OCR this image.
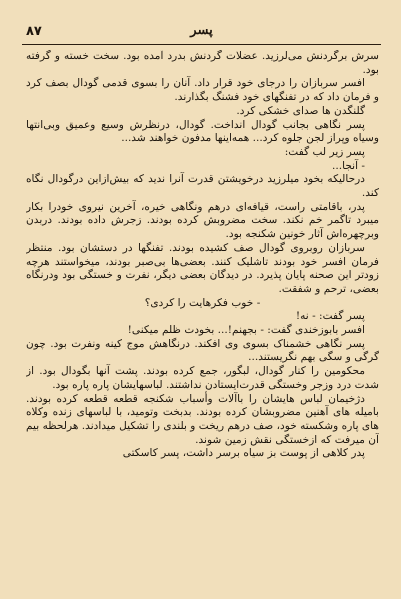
۸۷	پسر

سرش برگردنش می‌لرزید. عضلات گردنش بدرد آمده بود. سخت خسته و گرفته بود.

افسر سربازان را درجای خود قرار داد. آنان را بسوی قدمی گودال بصف کرد و فرمان داد که در تفنگهای خود فشنگ بگذارند.

گلنگدن ها صدای خشکی کرد.

پسر نگاهی بجانب گودال انداخت. گودال، درنظرش وسیع وعمیق وبی‌انتها وسیاه وپراز لجن جلوه کرد... همه‌اینها مدفون خواهند شد...

پسر زیر لب گفت:

- آنجا...

درحالیکه بخود میلرزید درخویشتن قدرت آنرا ندید که بیش‌ازاین درگودال نگاه کند.

پدر، باقامتی راست، قیافه‌ای درهم ونگاهی خیره، آخرین نیروی خودرا بکار میبرد تاگمر خم نکند. سخت مضروبش کرده بودند. زجرش داده بودند. دربدن وبرچهره‌اش آثار خونین شکنجه بود.

سربازان روبروی گودال صف کشیده بودند. تفنگها در دستشان بود. منتظر فرمان افسر خود بودند تاشلیک کنند. بعضی‌ها بی‌صبر بودند، میخواستند هرچه زودتر این صحنه پایان پذیرد. در دیدگان بعضی دیگر، نفرت و خستگی بود ودرنگاه بعضی، ترحم و شفقت.

- خوب فکرهایت را کردی؟

پسر گفت: - نه!

افسر بابوزخندی گفت: - بجهنم!... بخودت ظلم میکنی!

پسر نگاهی خشمناک بسوی وی افکند. درنگاهش موج کینه ونفرت بود. چون گرگی و سگی بهم نگریستند...

محکومین را کنار گودال، لبگور، جمع کرده بودند. پشت آنها بگودال بود. از شدت درد وزجر وخستگی قدرت‌ایستادن نداشتند. لباسهایشان پاره پاره بود.

دژخیمان لباس هایشان را باآلات وأسباب شکنجه قطعه قطعه کرده بودند. بامیله های آهنین مضروبشان کرده بودند. بدبخت وتومید، با لباسهای زنده وکلاه های پاره وشکسته خود، صف درهم ریخت و بلندی را تشکیل میدادند. هرلحظه بیم آن میرفت که ازخستگی نقش زمین شوند.

پدر کلاهی از پوست بز سیاه برسر داشت، پسر کاسکتی
